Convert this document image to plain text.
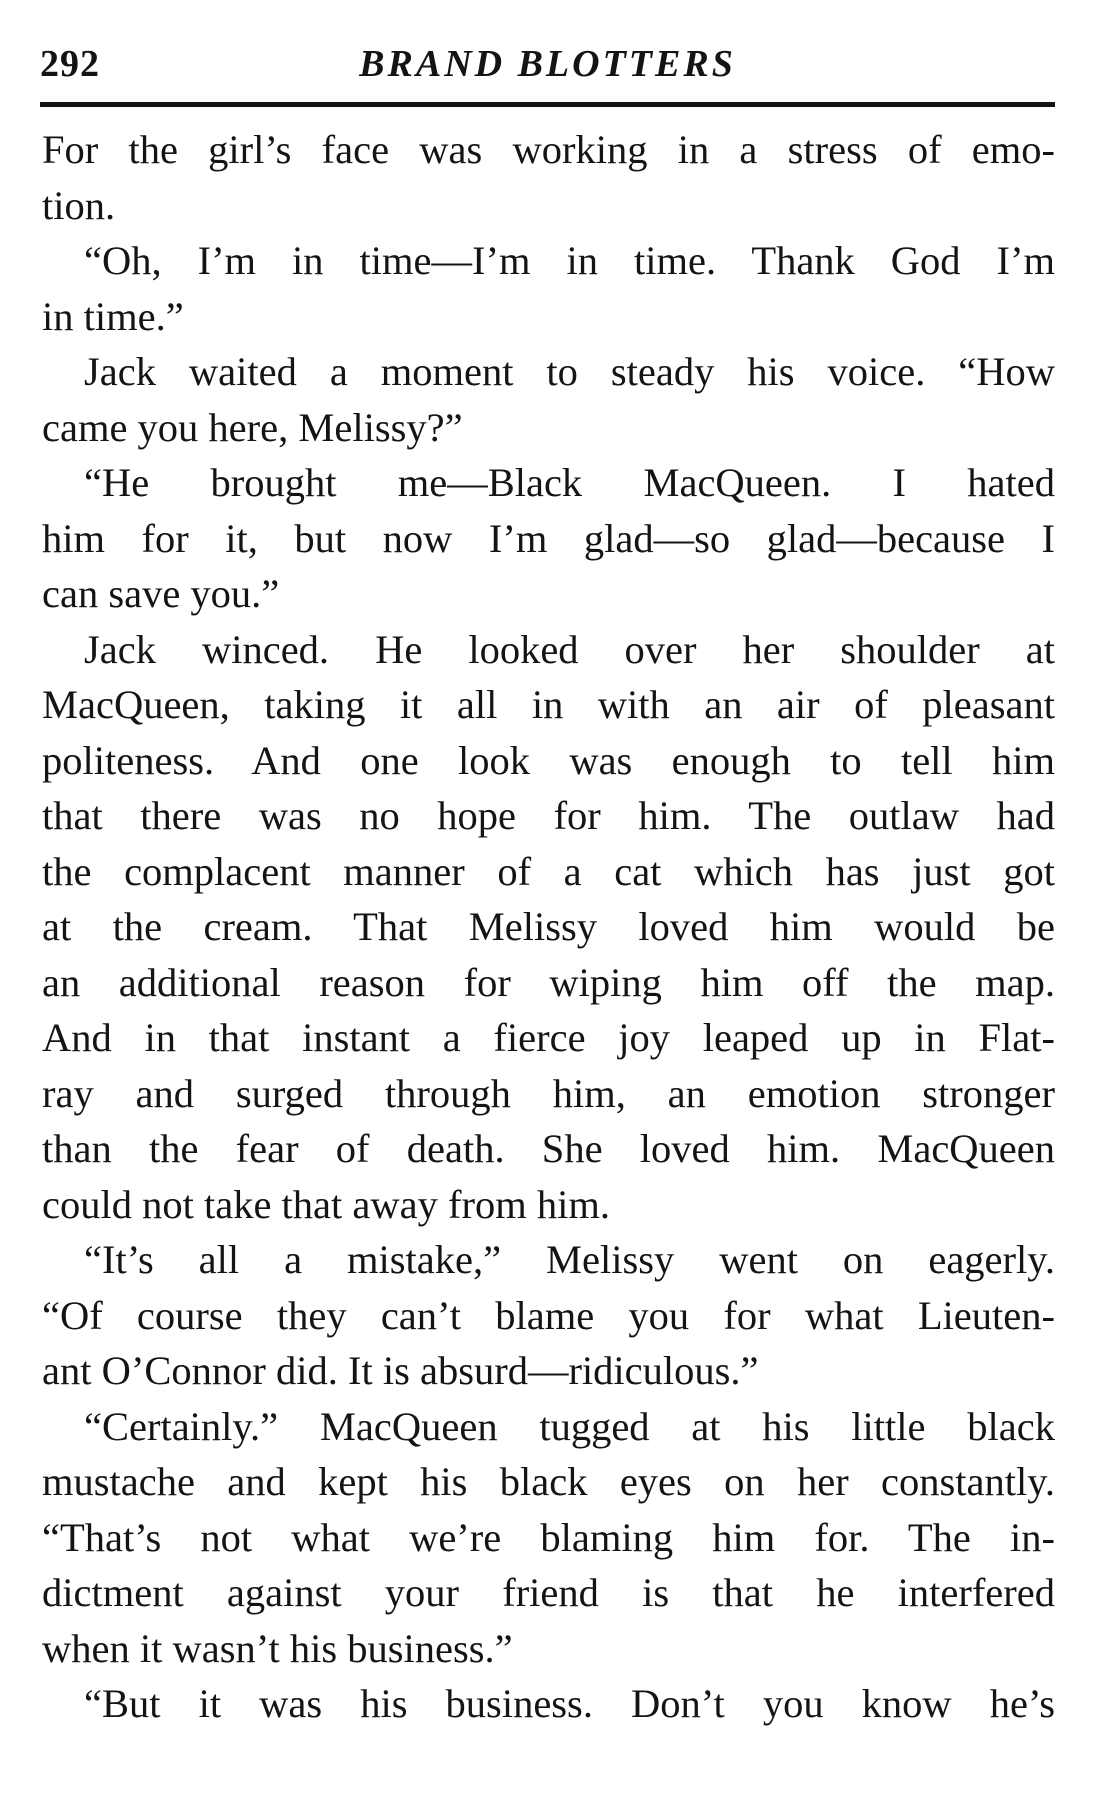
292	BRAND BLOTTERS
For the girl’s face was working in a stress of emo-
tion.
“Oh, I’m in time—I’m in time. Thank God I’m
in time.”
Jack waited a moment to steady his voice. “How
came you here, Melissy?”
“He brought me—Black MacQueen. I hated
him for it, but now I’m glad—so glad—because I
can save you.”
Jack winced. He looked over her shoulder at
MacQueen, taking it all in with an air of pleasant
politeness. And one look was enough to tell him
that there was no hope for him. The outlaw had
the complacent manner of a cat which has just got
at the cream. That Melissy loved him would be
an additional reason for wiping him off the map.
And in that instant a fierce joy leaped up in Flat-
ray and surged through him, an emotion stronger
than the fear of death. She loved him. MacQueen
could not take that away from him.
“It’s all a mistake,” Melissy went on eagerly.
“Of course they can’t blame you for what Lieuten-
ant O’Connor did. It is absurd—ridiculous.”
“Certainly.” MacQueen tugged at his little black
mustache and kept his black eyes on her constantly.
“That’s not what we’re blaming him for. The in-
dictment against your friend is that he interfered
when it wasn’t his business.”
“But it was his business. Don’t you know he’s
